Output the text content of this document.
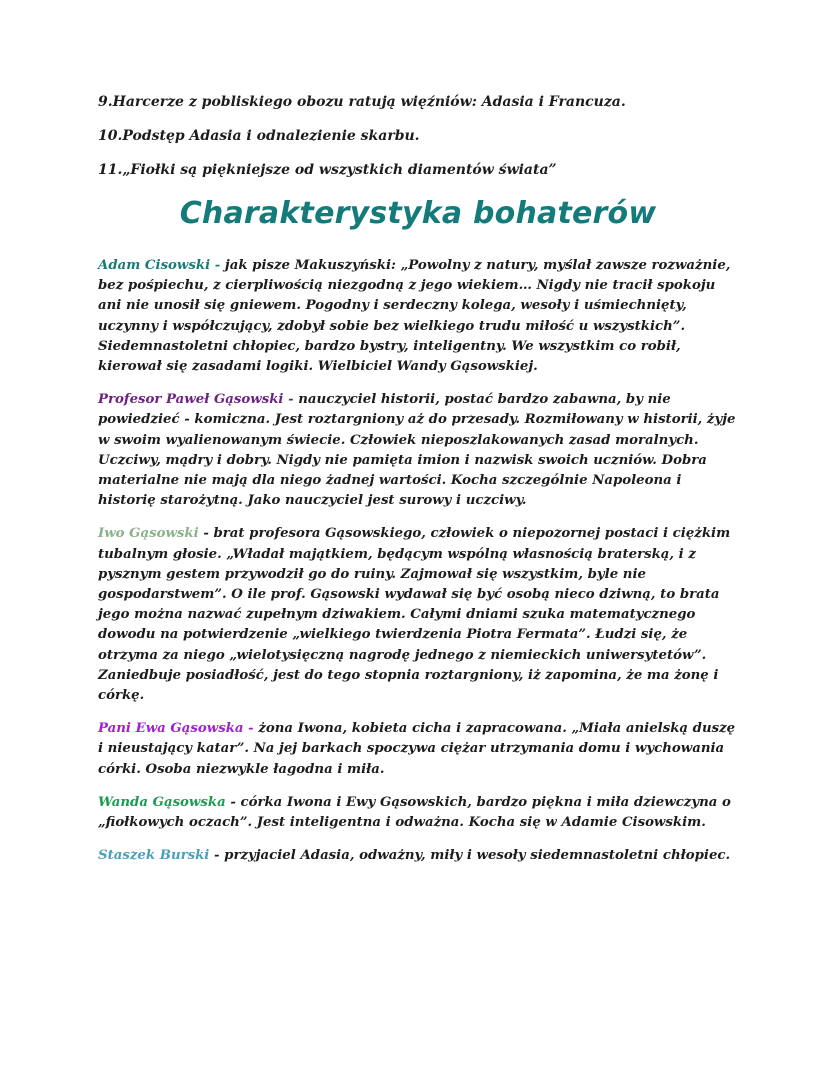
9.Harcerze z pobliskiego obozu ratują więźniów: Adasia i Francuza.

10.Podstęp Adasia i odnalezienie skarbu.

11.„Fiołki są piękniejsze od wszystkich diamentów świata”

Charakterystyka bohaterów

Adam Cisowski - jak pisze Makuszyński: „Powolny z natury, myślał zawsze rozważnie, bez pośpiechu, z cierpliwością niezgodną z jego wiekiem… Nigdy nie tracił spokoju ani nie unosił się gniewem. Pogodny i serdeczny kolega, wesoły i uśmiechnięty, uczynny i współczujący, zdobył sobie bez wielkiego trudu miłość u wszystkich”. Siedemnastoletni chłopiec, bardzo bystry, inteligentny. We wszystkim co robił, kierował się zasadami logiki. Wielbiciel Wandy Gąsowskiej.

Profesor Paweł Gąsowski - nauczyciel historii, postać bardzo zabawna, by nie powiedzieć - komiczna. Jest roztargniony aż do przesady. Rozmiłowany w historii, żyje w swoim wyalienowanym świecie. Człowiek nieposzlakowanych zasad moralnych. Uczciwy, mądry i dobry. Nigdy nie pamięta imion i nazwisk swoich uczniów. Dobra materialne nie mają dla niego żadnej wartości. Kocha szczególnie Napoleona i historię starożytną. Jako nauczyciel jest surowy i uczciwy.

Iwo Gąsowski - brat profesora Gąsowskiego, człowiek o niepozornej postaci i ciężkim tubalnym głosie. „Władał majątkiem, będącym wspólną własnością braterską, i z pysznym gestem przywodził go do ruiny. Zajmował się wszystkim, byle nie gospodarstwem”. O ile prof. Gąsowski wydawał się być osobą nieco dziwną, to brata jego można nazwać zupełnym dziwakiem. Całymi dniami szuka matematycznego dowodu na potwierdzenie „wielkiego twierdzenia Piotra Fermata”. Łudzi się, że otrzyma za niego „wielotysięczną nagrodę jednego z niemieckich uniwersytetów”. Zaniedbuje posiadłość, jest do tego stopnia roztargniony, iż zapomina, że ma żonę i córkę.

Pani Ewa Gąsowska - żona Iwona, kobieta cicha i zapracowana. „Miała anielską duszę i nieustający katar”. Na jej barkach spoczywa ciężar utrzymania domu i wychowania córki. Osoba niezwykle łagodna i miła.

Wanda Gąsowska - córka Iwona i Ewy Gąsowskich, bardzo piękna i miła dziewczyna o „fiołkowych oczach”. Jest inteligentna i odważna. Kocha się w Adamie Cisowskim.

Staszek Burski - przyjaciel Adasia, odważny, miły i wesoły siedemnastoletni chłopiec.
